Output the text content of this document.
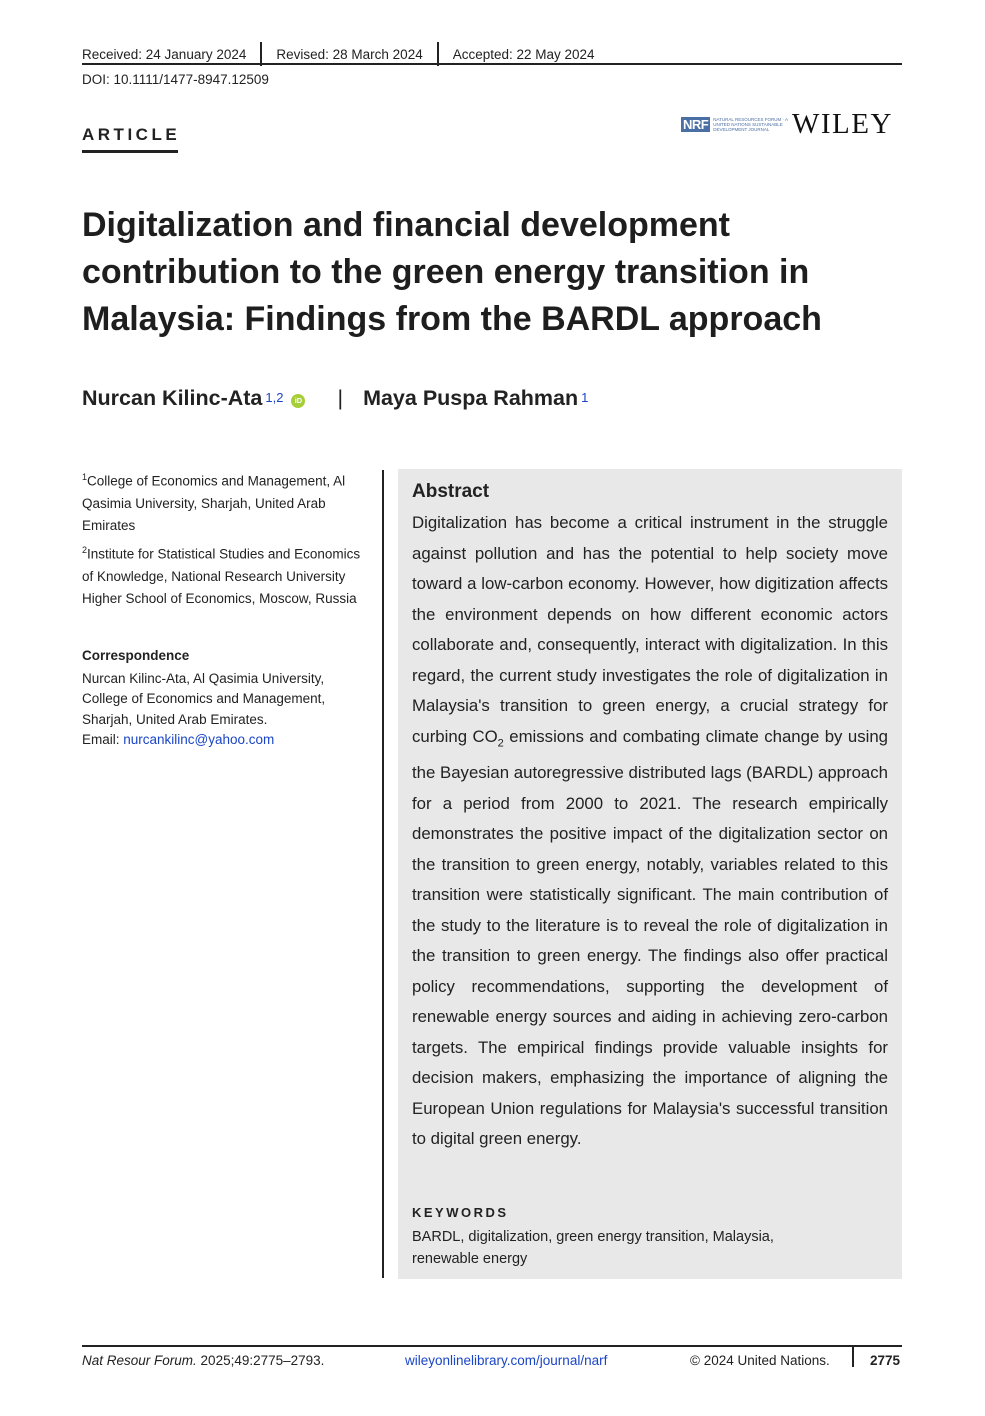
Received: 24 January 2024	Revised: 28 March 2024	Accepted: 22 May 2024
DOI: 10.1111/1477-8947.12509
ARTICLE
NRF	NATURAL RESOURCES FORUM · A UNITED NATIONS SUSTAINABLE DEVELOPMENT JOURNAL WILEY
Digitalization and financial development contribution to the green energy transition in Malaysia: Findings from the BARDL approach
Nurcan Kilinc-Ata$^{1,2}$	iD | Maya Puspa Rahman$^1$
$^1$College of Economics and Management, Al Qasimia University, Sharjah, United Arab Emirates
$^2$Institute for Statistical Studies and Economics of Knowledge, National Research University Higher School of Economics, Moscow, Russia
Correspondence
Nurcan Kilinc-Ata, Al Qasimia University,
College of Economics and Management,
Sharjah, United Arab Emirates.
Email: nurcankilinc@yahoo.com
Abstract

Digitalization has become a critical instrument in the struggle against pollution and has the potential to help society move toward a low-carbon economy. However, how digitization affects the environment depends on how different economic actors collaborate and, consequently, interact with digitalization. In this regard, the current study investigates the role of digitalization in Malaysia's transition to green energy, a crucial strategy for curbing $CO_2$ emissions and combating climate change by using the Bayesian autoregressive distributed lags (BARDL) approach for a period from 2000 to 2021. The research empirically demonstrates the positive impact of the digitalization sector on the transition to green energy, notably, variables related to this transition were statistically significant. The main contribution of the study to the literature is to reveal the role of digitalization in the transition to green energy. The findings also offer practical policy recommendations, supporting the development of renewable energy sources and aiding in achieving zero-carbon targets. The empirical findings provide valuable insights for decision makers, emphasizing the importance of aligning the European Union regulations for Malaysia's successful transition to digital green energy.

KEYWORDS
BARDL, digitalization, green energy transition, Malaysia, renewable energy
Nat Resour Forum. 2025;49:2775–2793.	wileyonlinelibrary.com/journal/narf	© 2024 United Nations.	2775
